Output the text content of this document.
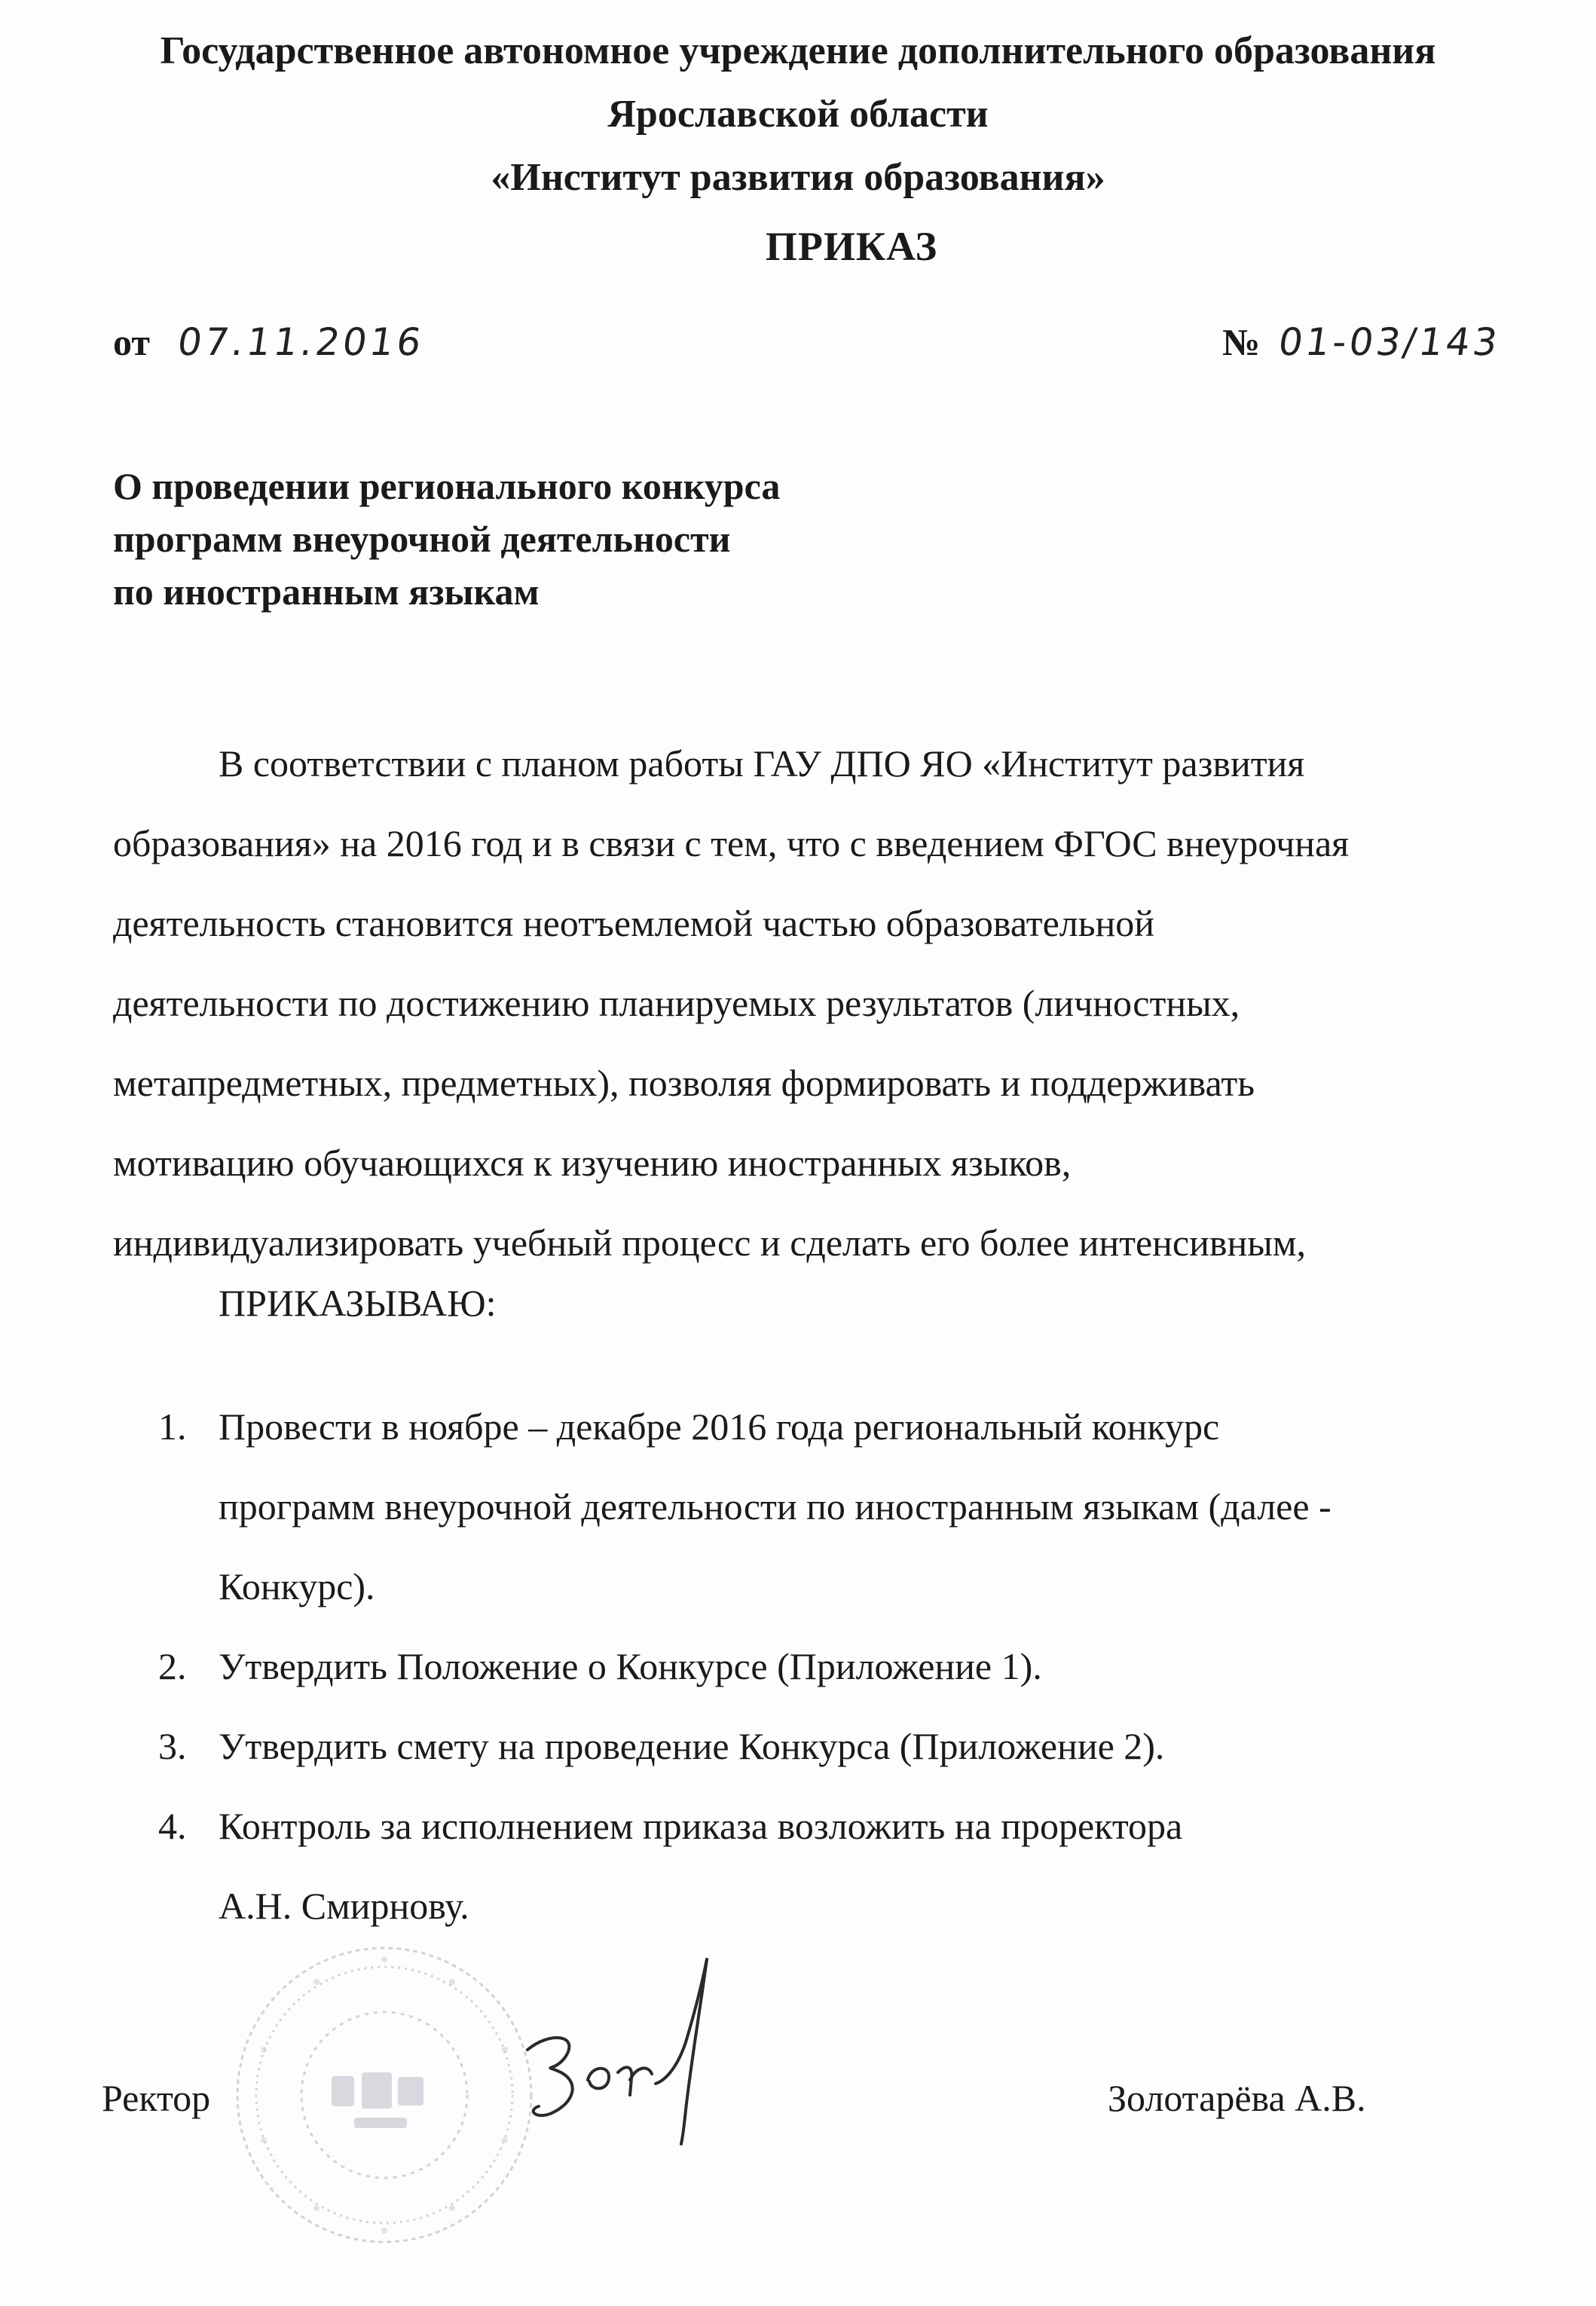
Государственное автономное учреждение дополнительного образования
Ярославской области
«Институт развития образования»
ПРИКАЗ
от 07.11.2016	№ 01-03/143
О проведении регионального конкурса
программ внеурочной деятельности
по иностранным языкам
В соответствии с планом работы ГАУ ДПО ЯО «Институт развития
образования» на 2016 год и в связи с тем, что с введением ФГОС внеурочная
деятельность становится неотъемлемой частью образовательной
деятельности по достижению планируемых результатов (личностных,
метапредметных, предметных), позволяя формировать и поддерживать
мотивацию обучающихся к изучению иностранных языков,
индивидуализировать учебный процесс и сделать его более интенсивным,
ПРИКАЗЫВАЮ:
1. Провести в ноябре – декабре 2016 года региональный конкурс
программ внеурочной деятельности по иностранным языкам (далее -
Конкурс).
2. Утвердить Положение о Конкурсе (Приложение 1).
3. Утвердить смету на проведение Конкурса (Приложение 2).
4. Контроль за исполнением приказа возложить на проректора
А.Н. Смирнову.
Ректор	Золотарёва А.В.
